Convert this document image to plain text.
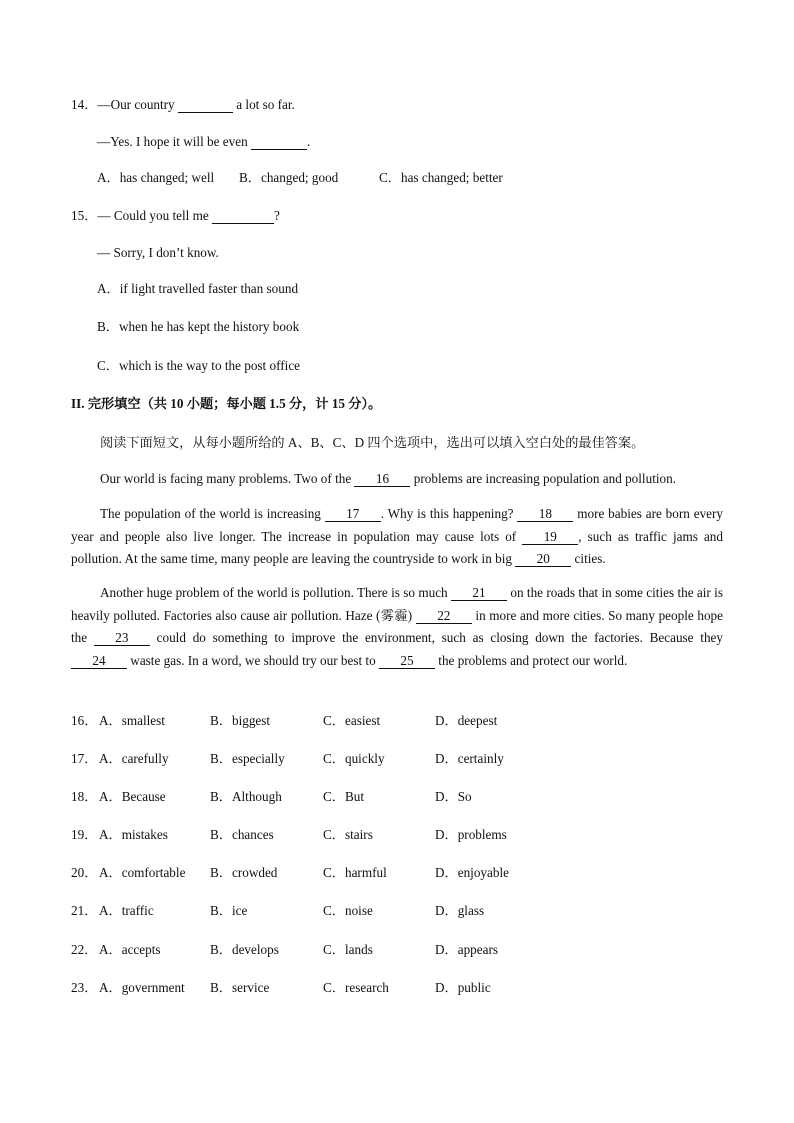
14．—Our country	a lot so far.
—Yes. I hope it will be even	.
A．has changed; well B．changed; good	C．has changed; better
15．— Could you tell me	?
— Sorry, I don’t know.
A．if light travelled faster than sound
B．when he has kept the history book
C．which is the way to the post office
II. 完形填空（共 10 小题；每小题 1.5 分，计 15 分）。
阅读下面短文，从每小题所给的 A、B、C、D 四个选项中，选出可以填入空白处的最佳答案。
Our world is facing many problems. Two of the 16 problems are increasing population and pollution.
The population of the world is increasing 17 . Why is this happening? 18 more babies are born every year and people also live longer. The increase in population may cause lots of 19 , such as traffic jams and pollution. At the same time, many people are leaving the countryside to work in big 20 cities.
Another huge problem of the world is pollution. There is so much 21 on the roads that in some cities the air is heavily polluted. Factories also cause air pollution. Haze (雾霾) 22 in more and more cities. So many people hope the 23 could do something to improve the environment, such as closing down the factories. Because they 24 waste gas. In a word, we should try our best to 25 the problems and protect our world.
16． A．smallest	B．biggest	C．easiest	D．deepest
17． A．carefully	B．especially	C．quickly	D．certainly
18． A．Because	B．Although	C．But	D．So
19． A．mistakes	B．chances	C．stairs	D．problems
20． A．comfortable B．crowded	C．harmful	D．enjoyable
21． A．traffic	B．ice	C．noise	D．glass
22． A．accepts	B．develops	C．lands	D．appears
23． A．government B．service	C．research	D．public
